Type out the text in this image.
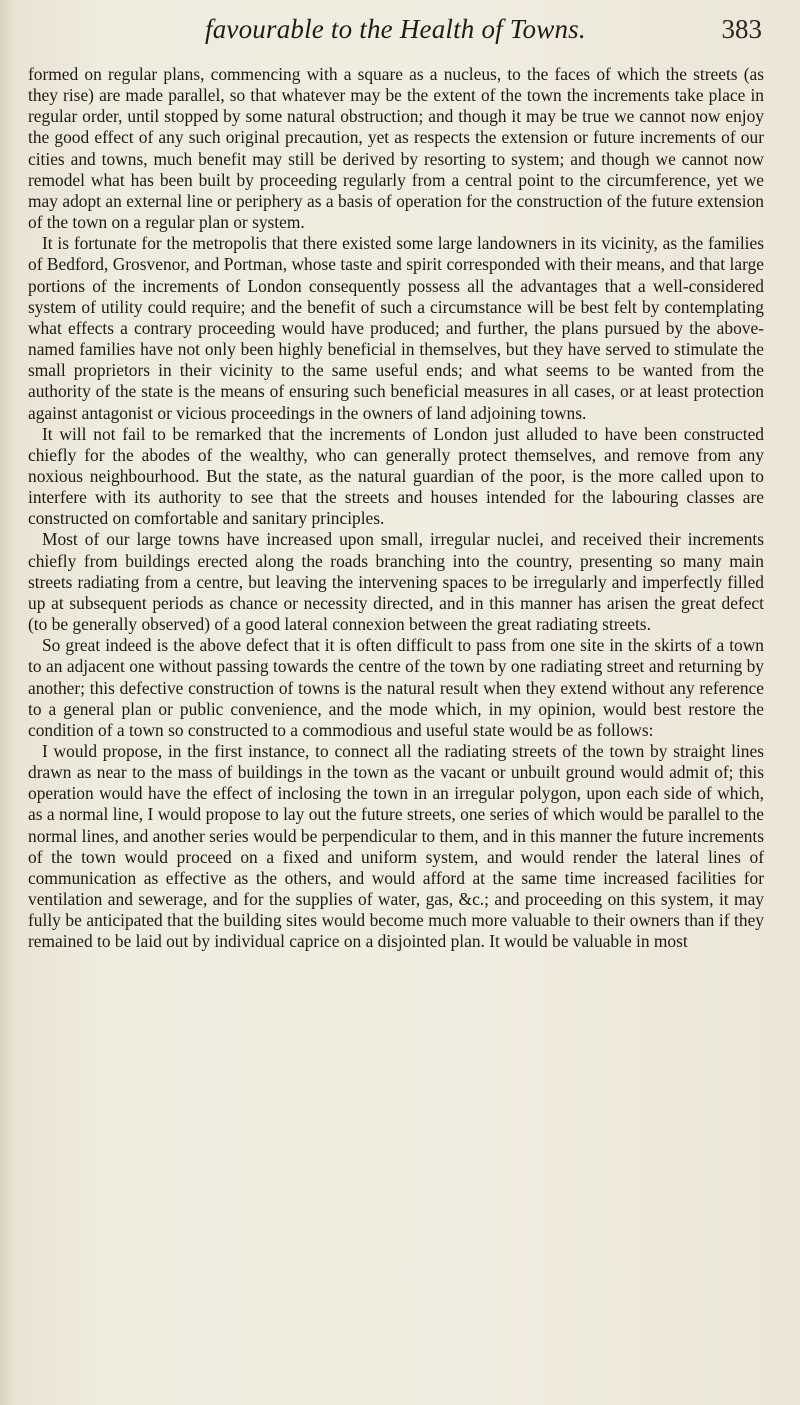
favourable to the Health of Towns.	383

formed on regular plans, commencing with a square as a nucleus, to the faces of which the streets (as they rise) are made parallel, so that whatever may be the extent of the town the increments take place in regular order, until stopped by some natural obstruction; and though it may be true we cannot now enjoy the good effect of any such original precaution, yet as respects the extension or future increments of our cities and towns, much benefit may still be derived by resorting to system; and though we cannot now remodel what has been built by proceeding regularly from a central point to the circumference, yet we may adopt an external line or periphery as a basis of operation for the construction of the future extension of the town on a regular plan or system.

It is fortunate for the metropolis that there existed some large landowners in its vicinity, as the families of Bedford, Grosvenor, and Portman, whose taste and spirit corresponded with their means, and that large portions of the increments of London consequently possess all the advantages that a well-considered system of utility could require; and the benefit of such a circumstance will be best felt by contemplating what effects a contrary proceeding would have produced; and further, the plans pursued by the above-named families have not only been highly beneficial in themselves, but they have served to stimulate the small proprietors in their vicinity to the same useful ends; and what seems to be wanted from the authority of the state is the means of ensuring such beneficial measures in all cases, or at least protection against antagonist or vicious proceedings in the owners of land adjoining towns.

It will not fail to be remarked that the increments of London just alluded to have been constructed chiefly for the abodes of the wealthy, who can generally protect themselves, and remove from any noxious neighbourhood. But the state, as the natural guardian of the poor, is the more called upon to interfere with its authority to see that the streets and houses intended for the labouring classes are constructed on comfortable and sanitary principles.

Most of our large towns have increased upon small, irregular nuclei, and received their increments chiefly from buildings erected along the roads branching into the country, presenting so many main streets radiating from a centre, but leaving the intervening spaces to be irregularly and imperfectly filled up at subsequent periods as chance or necessity directed, and in this manner has arisen the great defect (to be generally observed) of a good lateral connexion between the great radiating streets.

So great indeed is the above defect that it is often difficult to pass from one site in the skirts of a town to an adjacent one without passing towards the centre of the town by one radiating street and returning by another; this defective construction of towns is the natural result when they extend without any reference to a general plan or public convenience, and the mode which, in my opinion, would best restore the condition of a town so constructed to a commodious and useful state would be as follows:

I would propose, in the first instance, to connect all the radiating streets of the town by straight lines drawn as near to the mass of buildings in the town as the vacant or unbuilt ground would admit of; this operation would have the effect of inclosing the town in an irregular polygon, upon each side of which, as a normal line, I would propose to lay out the future streets, one series of which would be parallel to the normal lines, and another series would be perpendicular to them, and in this manner the future increments of the town would proceed on a fixed and uniform system, and would render the lateral lines of communication as effective as the others, and would afford at the same time increased facilities for ventilation and sewerage, and for the supplies of water, gas, &c.; and proceeding on this system, it may fully be anticipated that the building sites would become much more valuable to their owners than if they remained to be laid out by individual caprice on a disjointed plan. It would be valuable in most
